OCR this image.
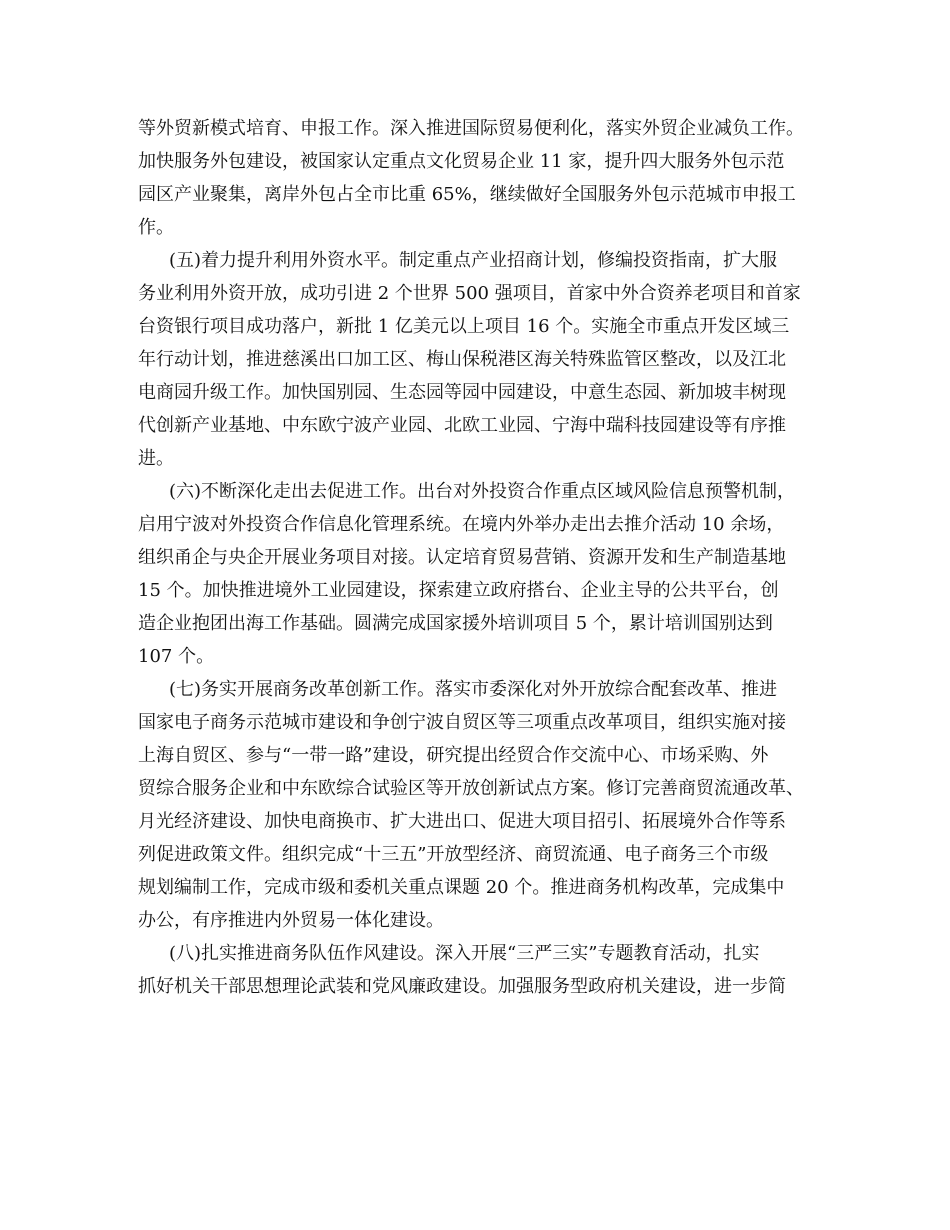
等外贸新模式培育、申报工作。深入推进国际贸易便利化，落实外贸企业减负工作。
加快服务外包建设，被国家认定重点文化贸易企业 11 家，提升四大服务外包示范
园区产业聚集，离岸外包占全市比重 65%，继续做好全国服务外包示范城市申报工
作。
(五)着力提升利用外资水平。制定重点产业招商计划，修编投资指南，扩大服
务业利用外资开放，成功引进 2 个世界 500 强项目，首家中外合资养老项目和首家
台资银行项目成功落户，新批 1 亿美元以上项目 16 个。实施全市重点开发区域三
年行动计划，推进慈溪出口加工区、梅山保税港区海关特殊监管区整改，以及江北
电商园升级工作。加快国别园、生态园等园中园建设，中意生态园、新加坡丰树现
代创新产业基地、中东欧宁波产业园、北欧工业园、宁海中瑞科技园建设等有序推
进。
(六)不断深化走出去促进工作。出台对外投资合作重点区域风险信息预警机制，
启用宁波对外投资合作信息化管理系统。在境内外举办走出去推介活动 10 余场，
组织甬企与央企开展业务项目对接。认定培育贸易营销、资源开发和生产制造基地
15 个。加快推进境外工业园建设，探索建立政府搭台、企业主导的公共平台，创
造企业抱团出海工作基础。圆满完成国家援外培训项目 5 个，累计培训国别达到
107 个。
(七)务实开展商务改革创新工作。落实市委深化对外开放综合配套改革、推进
国家电子商务示范城市建设和争创宁波自贸区等三项重点改革项目，组织实施对接
上海自贸区、参与“一带一路”建设，研究提出经贸合作交流中心、市场采购、外
贸综合服务企业和中东欧综合试验区等开放创新试点方案。修订完善商贸流通改革、
月光经济建设、加快电商换市、扩大进出口、促进大项目招引、拓展境外合作等系
列促进政策文件。组织完成“十三五”开放型经济、商贸流通、电子商务三个市级
规划编制工作，完成市级和委机关重点课题 20 个。推进商务机构改革，完成集中
办公，有序推进内外贸易一体化建设。
(八)扎实推进商务队伍作风建设。深入开展“三严三实”专题教育活动，扎实
抓好机关干部思想理论武装和党风廉政建设。加强服务型政府机关建设，进一步简
